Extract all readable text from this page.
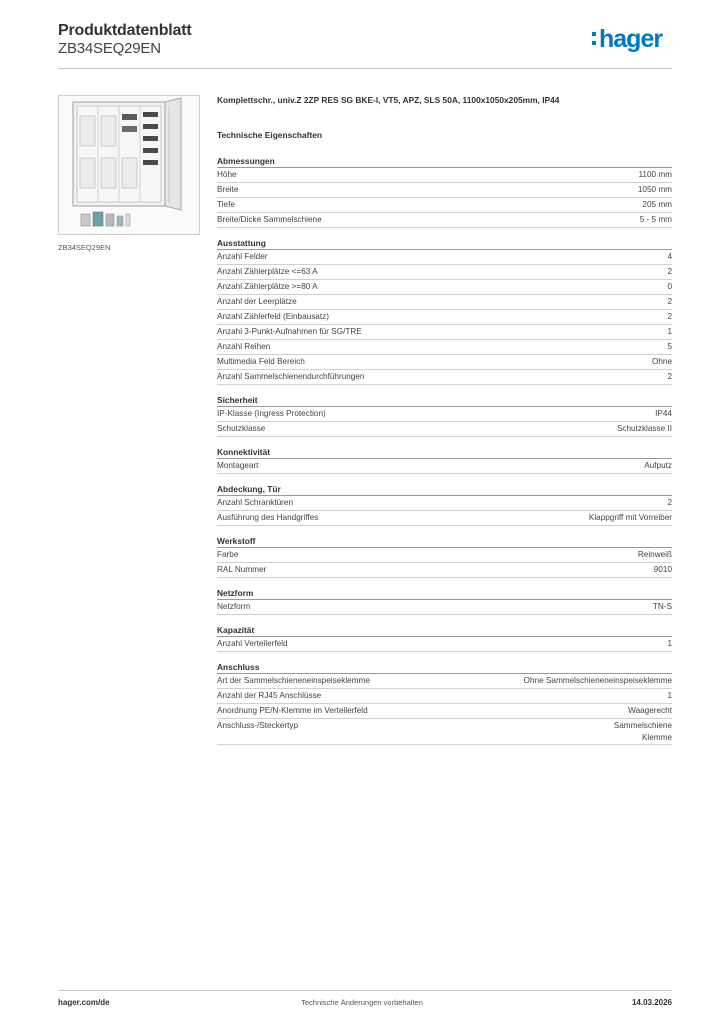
Produktdatenblatt
ZB34SEQ29EN	hager
ZB34SEQ29EN
Komplettschr., univ.Z 2ZP RES SG BKE-I, VT5, APZ, SLS 50A, 1100x1050x205mm, IP44
Technische Eigenschaften
Abmessungen
Höhe	1100 mm
Breite	1050 mm
Tiefe	205 mm
Breite/Dicke Sammelschiene	5 - 5 mm
Ausstattung
Anzahl Felder	4
Anzahl Zählerplätze <=63 A	2
Anzahl Zählerplätze >=80 A	0
Anzahl der Leerplätze	2
Anzahl Zählerfeld (Einbausatz)	2
Anzahl 3-Punkt-Aufnahmen für SG/TRE	1
Anzahl Reihen	5
Multimedia Feld Bereich	Ohne
Anzahl Sammelschienendurchführungen	2
Sicherheit
IP-Klasse (Ingress Protection)	IP44
Schutzklasse	Schutzklasse II
Konnektivität
Montageart	Aufputz
Abdeckung, Tür
Anzahl Schranktüren	2
Ausführung des Handgriffes	Klappgriff mit Vorreiber
Werkstoff
Farbe	Reinweiß
RAL Nummer	9010
Netzform
Netzform	TN-S
Kapazität
Anzahl Verteilerfeld	1
Anschluss
Art der Sammelschieneneinspeiseklemme	Ohne Sammelschieneneinspeiseklemme
Anzahl der RJ45 Anschlüsse	1
Anordnung PE/N-Klemme im Verteilerfeld	Waagerecht
Anschluss-/Steckertyp	Sammelschiene
Klemme
hager.com/de	Technische Änderungen vorbehalten	14.03.2026
